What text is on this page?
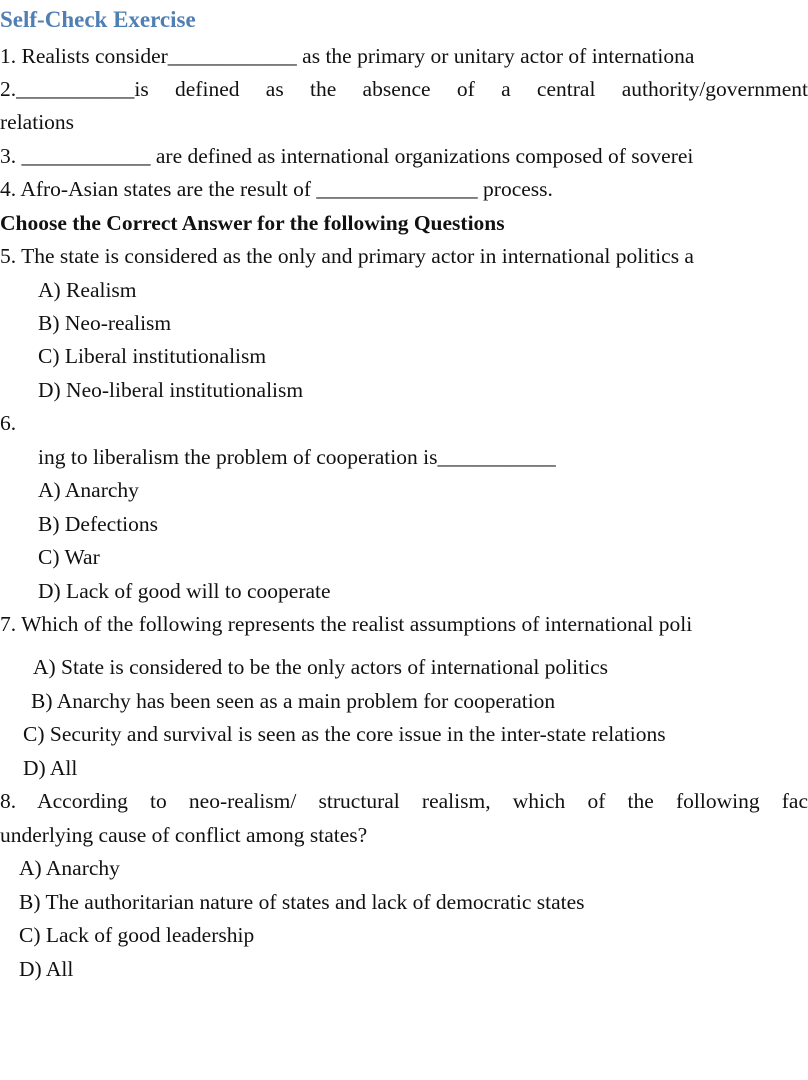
Self-Check Exercise
1. Realists consider____________ as the primary or unitary actor of internationa
2.___________is defined as the absence of a central authority/government
relations
3. ____________ are defined as international organizations composed of soverei
4. Afro-Asian states are the result of _______________ process.
Choose the Correct Answer for the following Questions
5. The state is considered as the only and primary actor in international politics a
A) Realism
B) Neo-realism
C) Liberal institutionalism
D) Neo-liberal institutionalism
6.
ing to liberalism the problem of cooperation is___________
A) Anarchy
B) Defections
C) War
D) Lack of good will to cooperate
7. Which of the following represents the realist assumptions of international poli
A) State is considered to be the only actors of international politics
B) Anarchy has been seen as a main problem for cooperation
C) Security and survival is seen as the core issue in the inter-state relations
D) All
8. According to neo-realism/ structural realism, which of the following fac
underlying cause of conflict among states?
A) Anarchy
B) The authoritarian nature of states and lack of democratic states
C) Lack of good leadership
D) All
